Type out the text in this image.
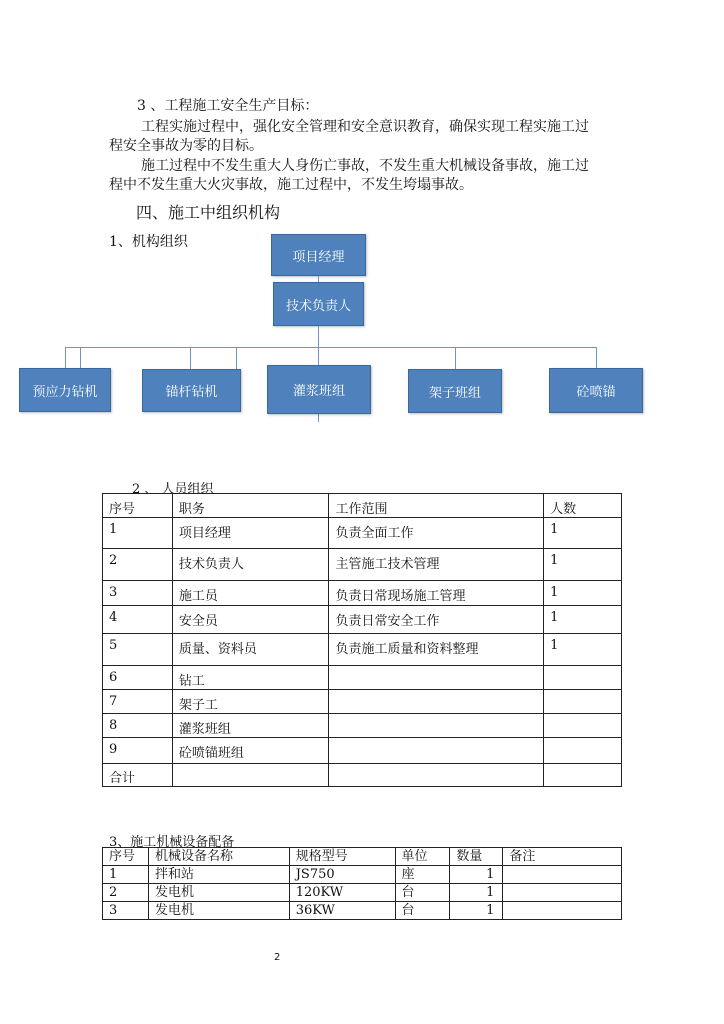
3 、工程施工安全生产目标：
工程实施过程中，强化安全管理和安全意识教育，确保实现工程实施工过
程安全事故为零的目标。
施工过程中不发生重大人身伤亡事故，不发生重大机械设备事故，施工过
程中不发生重大火灾事故，施工过程中，不发生垮塌事故。
四、施工中组织机构
1、机构组织
项目经理
技术负责人
预应力钻机	锚杆钻机	灌浆班组	架子班组	砼喷锚
2 、 人员组织
序号	职务	工作范围	人数
1	项目经理	负责全面工作	1
2	技术负责人	主管施工技术管理	1
3	施工员	负责日常现场施工管理	1
4	安全员	负责日常安全工作	1
5	质量、资料员	负责施工质量和资料整理	1
6	钻工		
7	架子工		
8	灌浆班组		
9	砼喷锚班组		
合计			
3、施工机械设备配备
序号	机械设备名称	规格型号	单位	数量	备注
1	拌和站	JS750	座	1	
2	发电机	120KW	台	1	
3	发电机	36KW	台	1	
2
